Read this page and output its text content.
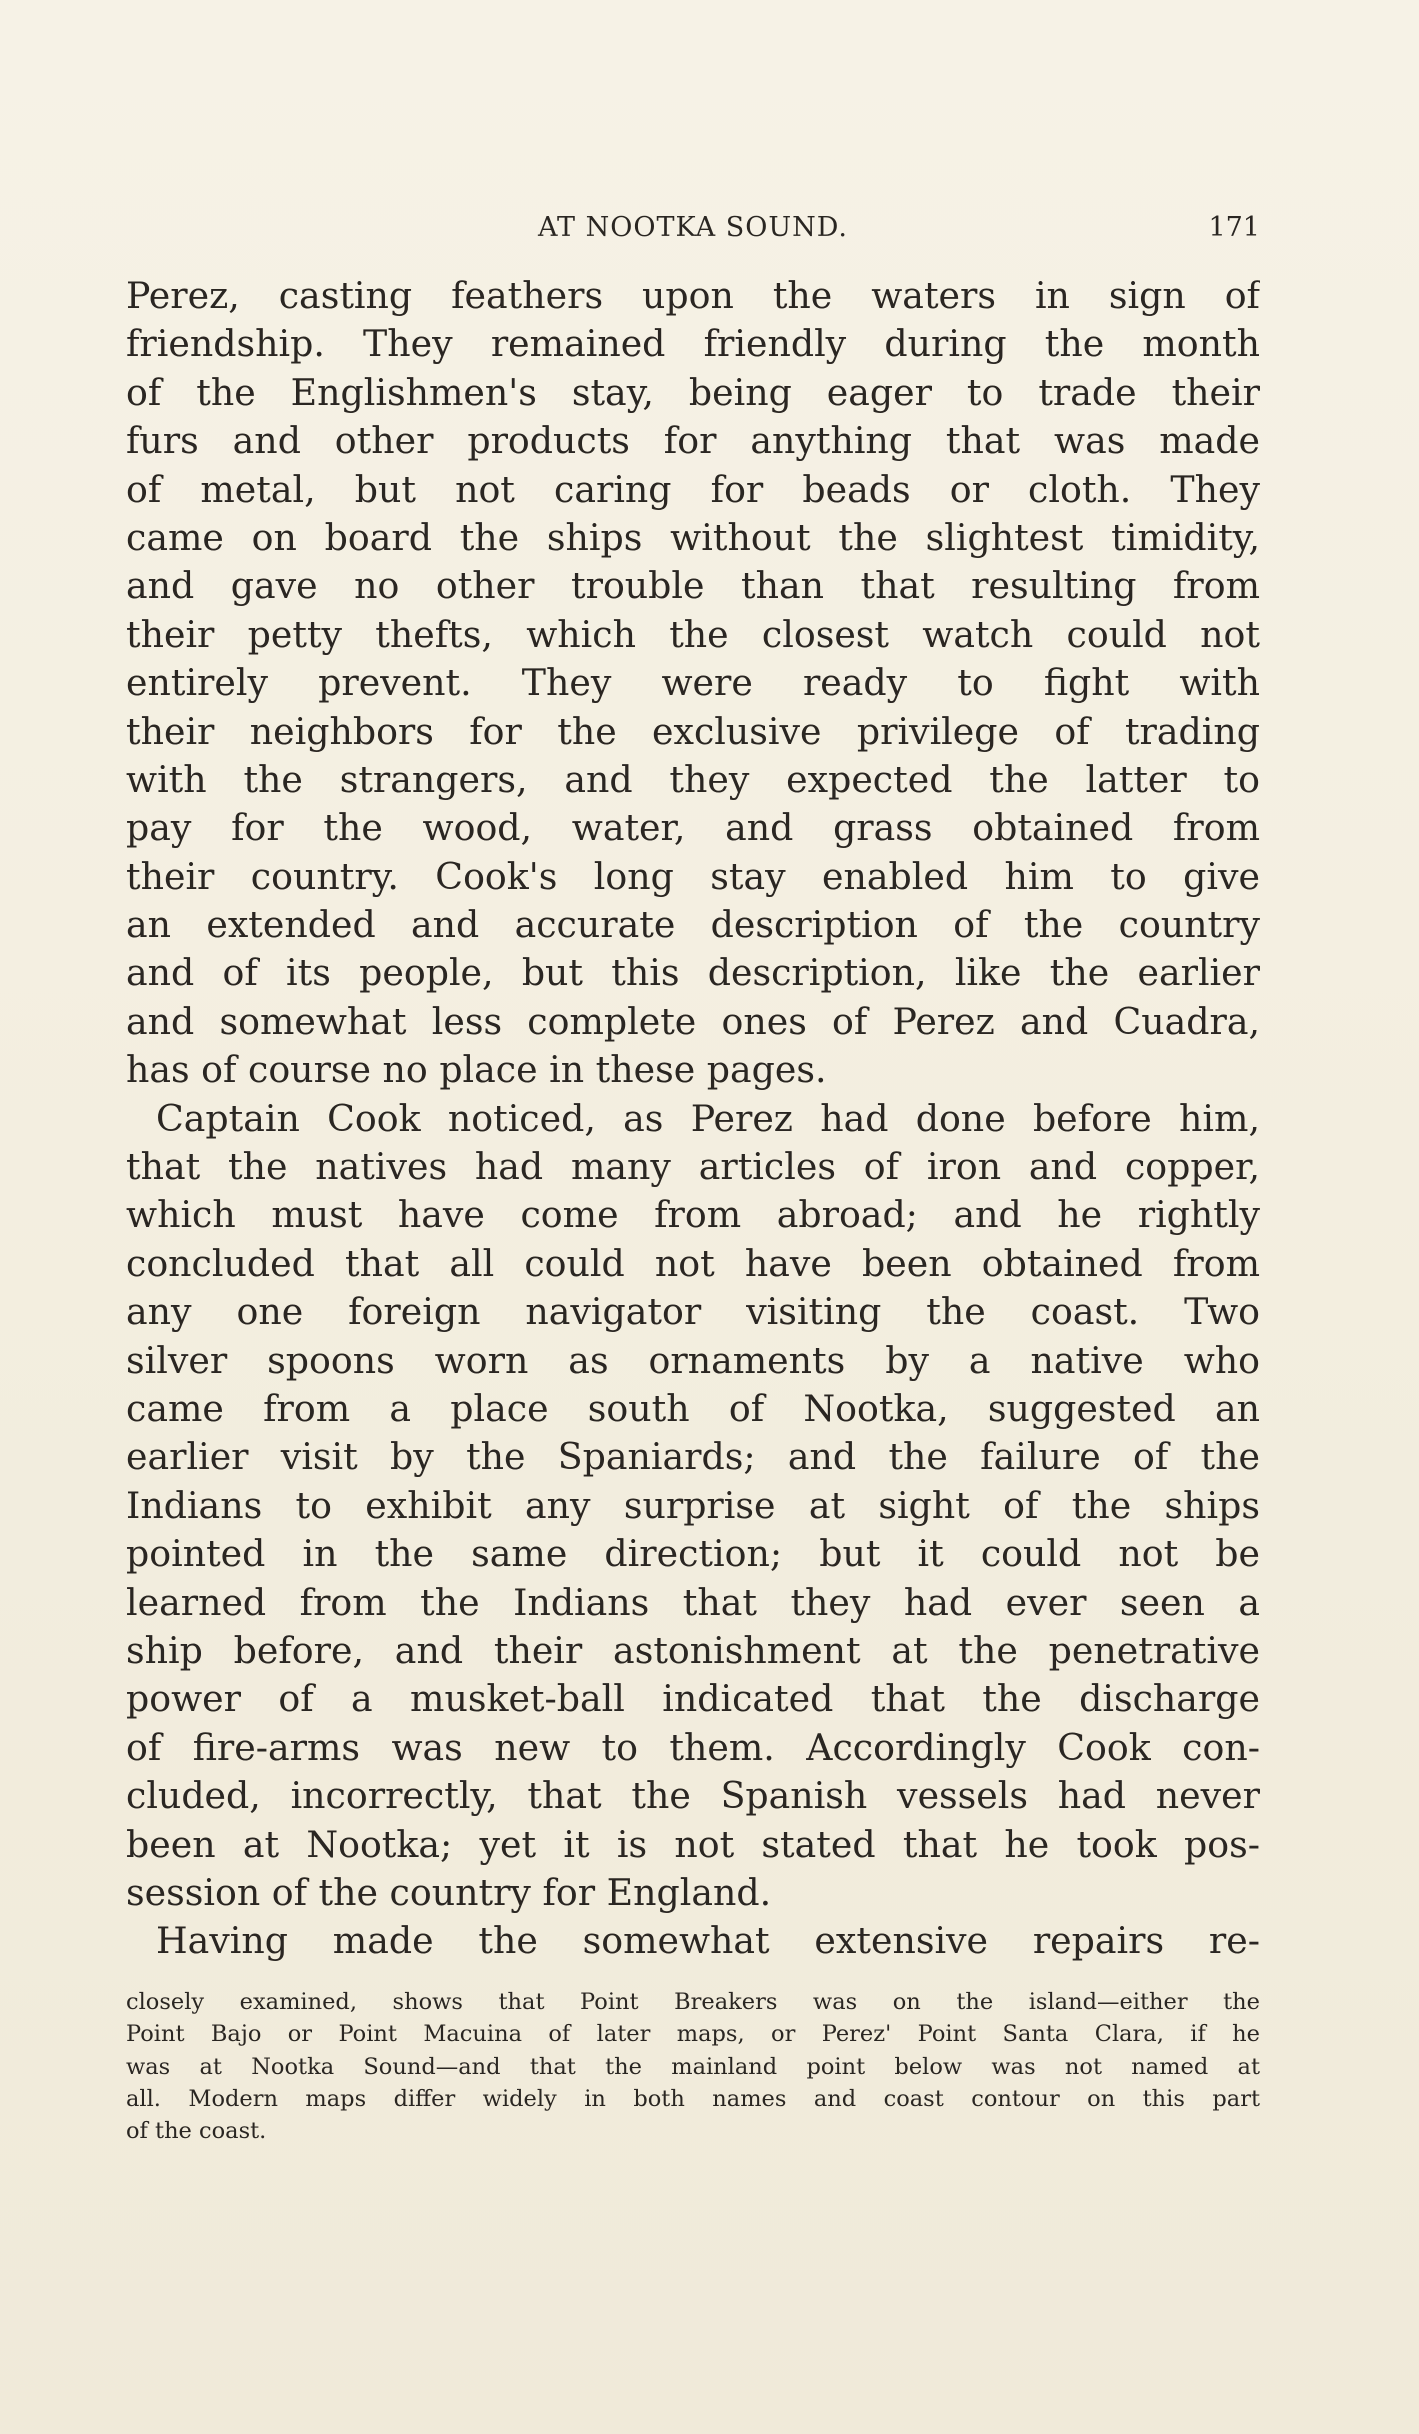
AT NOOTKA SOUND.	171
Perez, casting feathers upon the waters in sign of
friendship. They remained friendly during the month
of the Englishmen's stay, being eager to trade their
furs and other products for anything that was made
of metal, but not caring for beads or cloth. They
came on board the ships without the slightest timidity,
and gave no other trouble than that resulting from
their petty thefts, which the closest watch could not
entirely prevent. They were ready to fight with
their neighbors for the exclusive privilege of trading
with the strangers, and they expected the latter to
pay for the wood, water, and grass obtained from
their country. Cook's long stay enabled him to give
an extended and accurate description of the country
and of its people, but this description, like the earlier
and somewhat less complete ones of Perez and Cuadra,
has of course no place in these pages.
Captain Cook noticed, as Perez had done before him,
that the natives had many articles of iron and copper,
which must have come from abroad; and he rightly
concluded that all could not have been obtained from
any one foreign navigator visiting the coast. Two
silver spoons worn as ornaments by a native who
came from a place south of Nootka, suggested an
earlier visit by the Spaniards; and the failure of the
Indians to exhibit any surprise at sight of the ships
pointed in the same direction; but it could not be
learned from the Indians that they had ever seen a
ship before, and their astonishment at the penetrative
power of a musket-ball indicated that the discharge
of fire-arms was new to them. Accordingly Cook con-
cluded, incorrectly, that the Spanish vessels had never
been at Nootka; yet it is not stated that he took pos-
session of the country for England.
Having made the somewhat extensive repairs re-
closely examined, shows that Point Breakers was on the island—either the
Point Bajo or Point Macuina of later maps, or Perez' Point Santa Clara, if he
was at Nootka Sound—and that the mainland point below was not named at
all. Modern maps differ widely in both names and coast contour on this part
of the coast.
